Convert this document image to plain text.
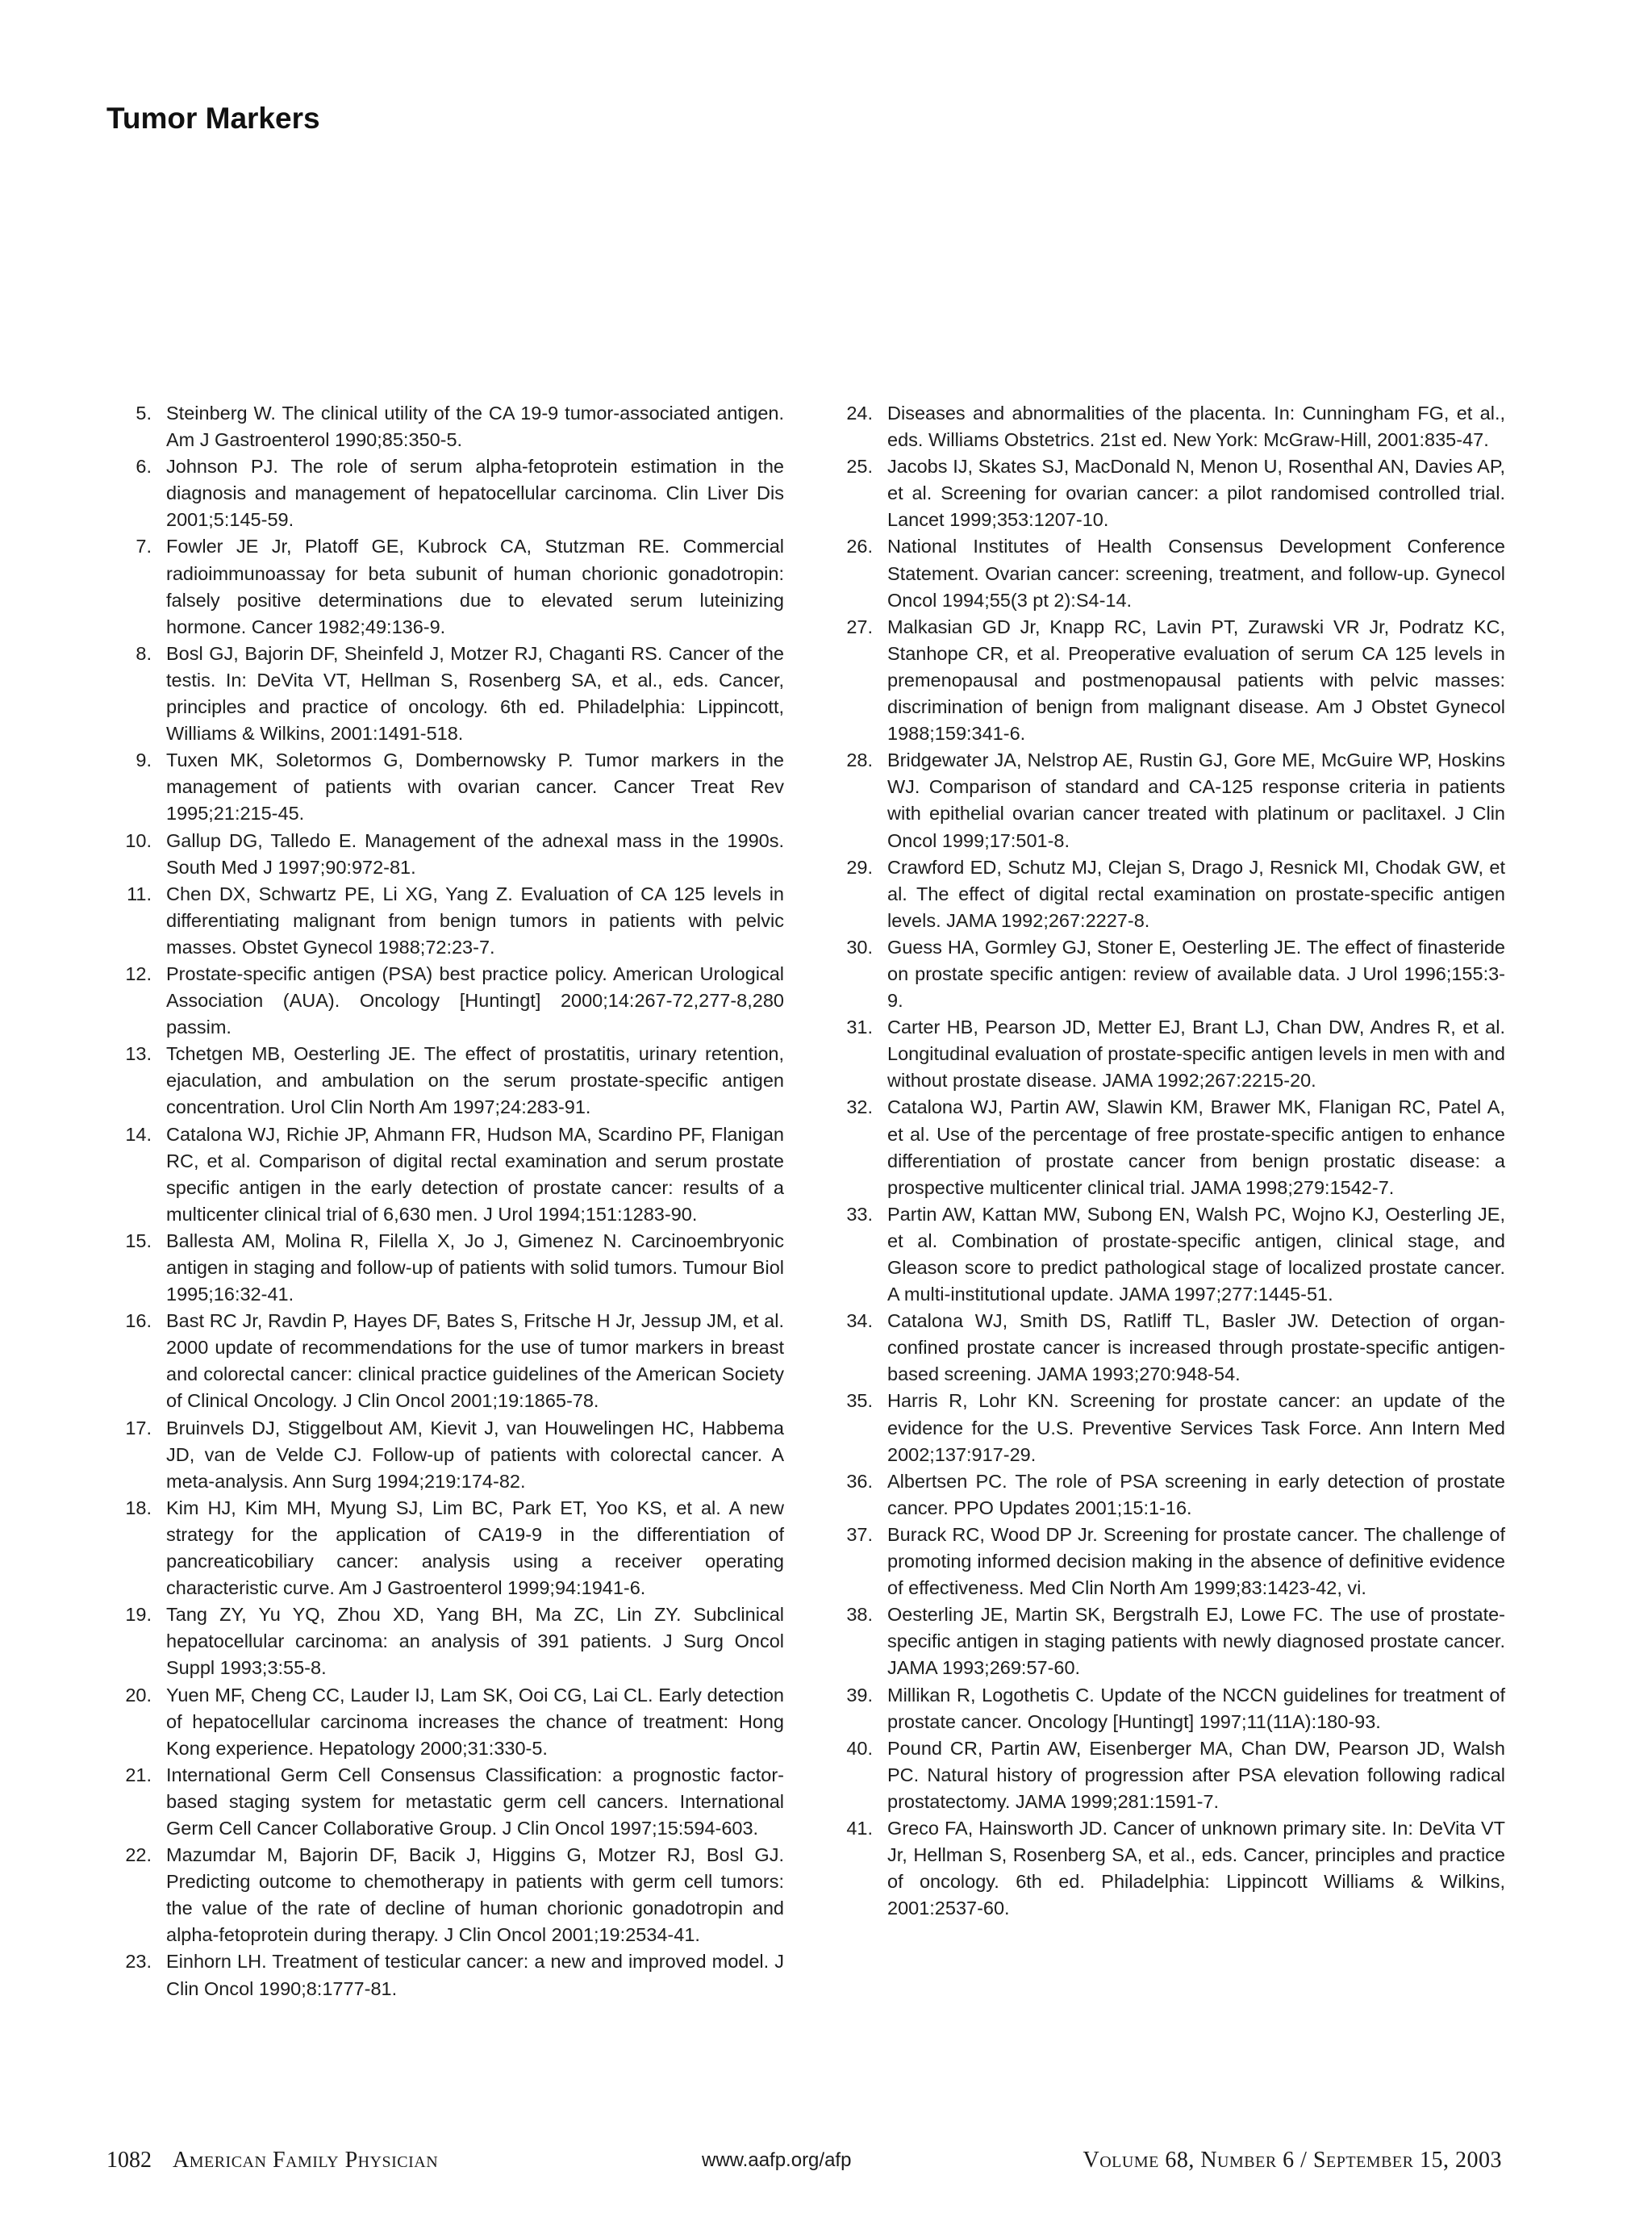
Tumor Markers
5. Steinberg W. The clinical utility of the CA 19-9 tumor-associated antigen. Am J Gastroenterol 1990;85:350-5.
6. Johnson PJ. The role of serum alpha-fetoprotein estimation in the diagnosis and management of hepatocellular carcinoma. Clin Liver Dis 2001;5:145-59.
7. Fowler JE Jr, Platoff GE, Kubrock CA, Stutzman RE. Commercial radioimmunoassay for beta subunit of human chorionic gonadotropin: falsely positive determinations due to elevated serum luteinizing hormone. Cancer 1982;49:136-9.
8. Bosl GJ, Bajorin DF, Sheinfeld J, Motzer RJ, Chaganti RS. Cancer of the testis. In: DeVita VT, Hellman S, Rosenberg SA, et al., eds. Cancer, principles and practice of oncology. 6th ed. Philadelphia: Lippincott, Williams & Wilkins, 2001:1491-518.
9. Tuxen MK, Soletormos G, Dombernowsky P. Tumor markers in the management of patients with ovarian cancer. Cancer Treat Rev 1995;21:215-45.
10. Gallup DG, Talledo E. Management of the adnexal mass in the 1990s. South Med J 1997;90:972-81.
11. Chen DX, Schwartz PE, Li XG, Yang Z. Evaluation of CA 125 levels in differentiating malignant from benign tumors in patients with pelvic masses. Obstet Gynecol 1988;72:23-7.
12. Prostate-specific antigen (PSA) best practice policy. American Urological Association (AUA). Oncology [Huntingt] 2000;14:267-72,277-8,280 passim.
13. Tchetgen MB, Oesterling JE. The effect of prostatitis, urinary retention, ejaculation, and ambulation on the serum prostate-specific antigen concentration. Urol Clin North Am 1997;24:283-91.
14. Catalona WJ, Richie JP, Ahmann FR, Hudson MA, Scardino PF, Flanigan RC, et al. Comparison of digital rectal examination and serum prostate specific antigen in the early detection of prostate cancer: results of a multicenter clinical trial of 6,630 men. J Urol 1994;151:1283-90.
15. Ballesta AM, Molina R, Filella X, Jo J, Gimenez N. Carcinoembryonic antigen in staging and follow-up of patients with solid tumors. Tumour Biol 1995;16:32-41.
16. Bast RC Jr, Ravdin P, Hayes DF, Bates S, Fritsche H Jr, Jessup JM, et al. 2000 update of recommendations for the use of tumor markers in breast and colorectal cancer: clinical practice guidelines of the American Society of Clinical Oncology. J Clin Oncol 2001;19:1865-78.
17. Bruinvels DJ, Stiggelbout AM, Kievit J, van Houwelingen HC, Habbema JD, van de Velde CJ. Follow-up of patients with colorectal cancer. A meta-analysis. Ann Surg 1994;219:174-82.
18. Kim HJ, Kim MH, Myung SJ, Lim BC, Park ET, Yoo KS, et al. A new strategy for the application of CA19-9 in the differentiation of pancreaticobiliary cancer: analysis using a receiver operating characteristic curve. Am J Gastroenterol 1999;94:1941-6.
19. Tang ZY, Yu YQ, Zhou XD, Yang BH, Ma ZC, Lin ZY. Subclinical hepatocellular carcinoma: an analysis of 391 patients. J Surg Oncol Suppl 1993;3:55-8.
20. Yuen MF, Cheng CC, Lauder IJ, Lam SK, Ooi CG, Lai CL. Early detection of hepatocellular carcinoma increases the chance of treatment: Hong Kong experience. Hepatology 2000;31:330-5.
21. International Germ Cell Consensus Classification: a prognostic factor-based staging system for metastatic germ cell cancers. International Germ Cell Cancer Collaborative Group. J Clin Oncol 1997;15:594-603.
22. Mazumdar M, Bajorin DF, Bacik J, Higgins G, Motzer RJ, Bosl GJ. Predicting outcome to chemotherapy in patients with germ cell tumors: the value of the rate of decline of human chorionic gonadotropin and alpha-fetoprotein during therapy. J Clin Oncol 2001;19:2534-41.
23. Einhorn LH. Treatment of testicular cancer: a new and improved model. J Clin Oncol 1990;8:1777-81.
24. Diseases and abnormalities of the placenta. In: Cunningham FG, et al., eds. Williams Obstetrics. 21st ed. New York: McGraw-Hill, 2001:835-47.
25. Jacobs IJ, Skates SJ, MacDonald N, Menon U, Rosenthal AN, Davies AP, et al. Screening for ovarian cancer: a pilot randomised controlled trial. Lancet 1999;353:1207-10.
26. National Institutes of Health Consensus Development Conference Statement. Ovarian cancer: screening, treatment, and follow-up. Gynecol Oncol 1994;55(3 pt 2):S4-14.
27. Malkasian GD Jr, Knapp RC, Lavin PT, Zurawski VR Jr, Podratz KC, Stanhope CR, et al. Preoperative evaluation of serum CA 125 levels in premenopausal and postmenopausal patients with pelvic masses: discrimination of benign from malignant disease. Am J Obstet Gynecol 1988;159:341-6.
28. Bridgewater JA, Nelstrop AE, Rustin GJ, Gore ME, McGuire WP, Hoskins WJ. Comparison of standard and CA-125 response criteria in patients with epithelial ovarian cancer treated with platinum or paclitaxel. J Clin Oncol 1999;17:501-8.
29. Crawford ED, Schutz MJ, Clejan S, Drago J, Resnick MI, Chodak GW, et al. The effect of digital rectal examination on prostate-specific antigen levels. JAMA 1992;267:2227-8.
30. Guess HA, Gormley GJ, Stoner E, Oesterling JE. The effect of finasteride on prostate specific antigen: review of available data. J Urol 1996;155:3-9.
31. Carter HB, Pearson JD, Metter EJ, Brant LJ, Chan DW, Andres R, et al. Longitudinal evaluation of prostate-specific antigen levels in men with and without prostate disease. JAMA 1992;267:2215-20.
32. Catalona WJ, Partin AW, Slawin KM, Brawer MK, Flanigan RC, Patel A, et al. Use of the percentage of free prostate-specific antigen to enhance differentiation of prostate cancer from benign prostatic disease: a prospective multicenter clinical trial. JAMA 1998;279:1542-7.
33. Partin AW, Kattan MW, Subong EN, Walsh PC, Wojno KJ, Oesterling JE, et al. Combination of prostate-specific antigen, clinical stage, and Gleason score to predict pathological stage of localized prostate cancer. A multi-institutional update. JAMA 1997;277:1445-51.
34. Catalona WJ, Smith DS, Ratliff TL, Basler JW. Detection of organ-confined prostate cancer is increased through prostate-specific antigen-based screening. JAMA 1993;270:948-54.
35. Harris R, Lohr KN. Screening for prostate cancer: an update of the evidence for the U.S. Preventive Services Task Force. Ann Intern Med 2002;137:917-29.
36. Albertsen PC. The role of PSA screening in early detection of prostate cancer. PPO Updates 2001;15:1-16.
37. Burack RC, Wood DP Jr. Screening for prostate cancer. The challenge of promoting informed decision making in the absence of definitive evidence of effectiveness. Med Clin North Am 1999;83:1423-42, vi.
38. Oesterling JE, Martin SK, Bergstralh EJ, Lowe FC. The use of prostate-specific antigen in staging patients with newly diagnosed prostate cancer. JAMA 1993;269:57-60.
39. Millikan R, Logothetis C. Update of the NCCN guidelines for treatment of prostate cancer. Oncology [Huntingt] 1997;11(11A):180-93.
40. Pound CR, Partin AW, Eisenberger MA, Chan DW, Pearson JD, Walsh PC. Natural history of progression after PSA elevation following radical prostatectomy. JAMA 1999;281:1591-7.
41. Greco FA, Hainsworth JD. Cancer of unknown primary site. In: DeVita VT Jr, Hellman S, Rosenberg SA, et al., eds. Cancer, principles and practice of oncology. 6th ed. Philadelphia: Lippincott Williams & Wilkins, 2001:2537-60.
1082 American Family Physician	www.aafp.org/afp	Volume 68, Number 6 / September 15, 2003
